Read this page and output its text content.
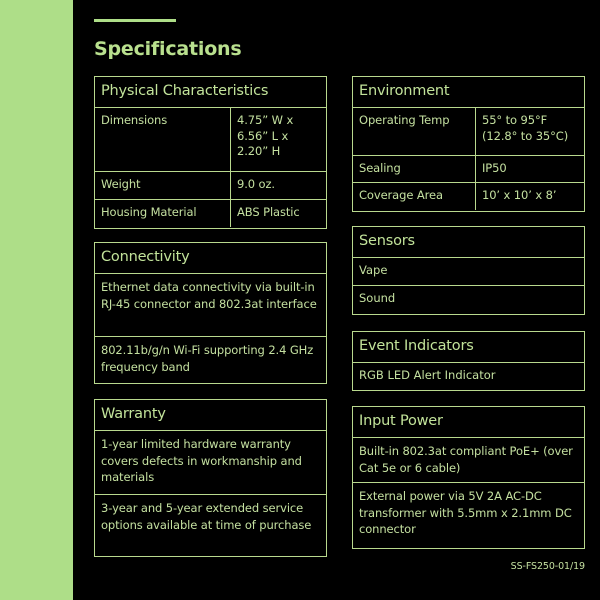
Specifications
Physical Characteristics
Dimensions	4.75” W x
6.56” L x
2.20” H
Weight	9.0 oz.
Housing Material	ABS Plastic
Connectivity
Ethernet data connectivity via built-in RJ-45 connector and 802.3at interface
802.11b/g/n Wi-Fi supporting 2.4 GHz frequency band
Warranty
1-year limited hardware warranty covers defects in workmanship and materials
3-year and 5-year extended service options available at time of purchase
Environment
Operating Temp	55° to 95°F
(12.8° to 35°C)
Sealing	IP50
Coverage Area	10’ x 10’ x 8’
Sensors
Vape
Sound
Event Indicators
RGB LED Alert Indicator
Input Power
Built-in 802.3at compliant PoE+ (over Cat 5e or 6 cable)
External power via 5V 2A AC-DC transformer with 5.5mm x 2.1mm DC connector
SS-FS250-01/19
